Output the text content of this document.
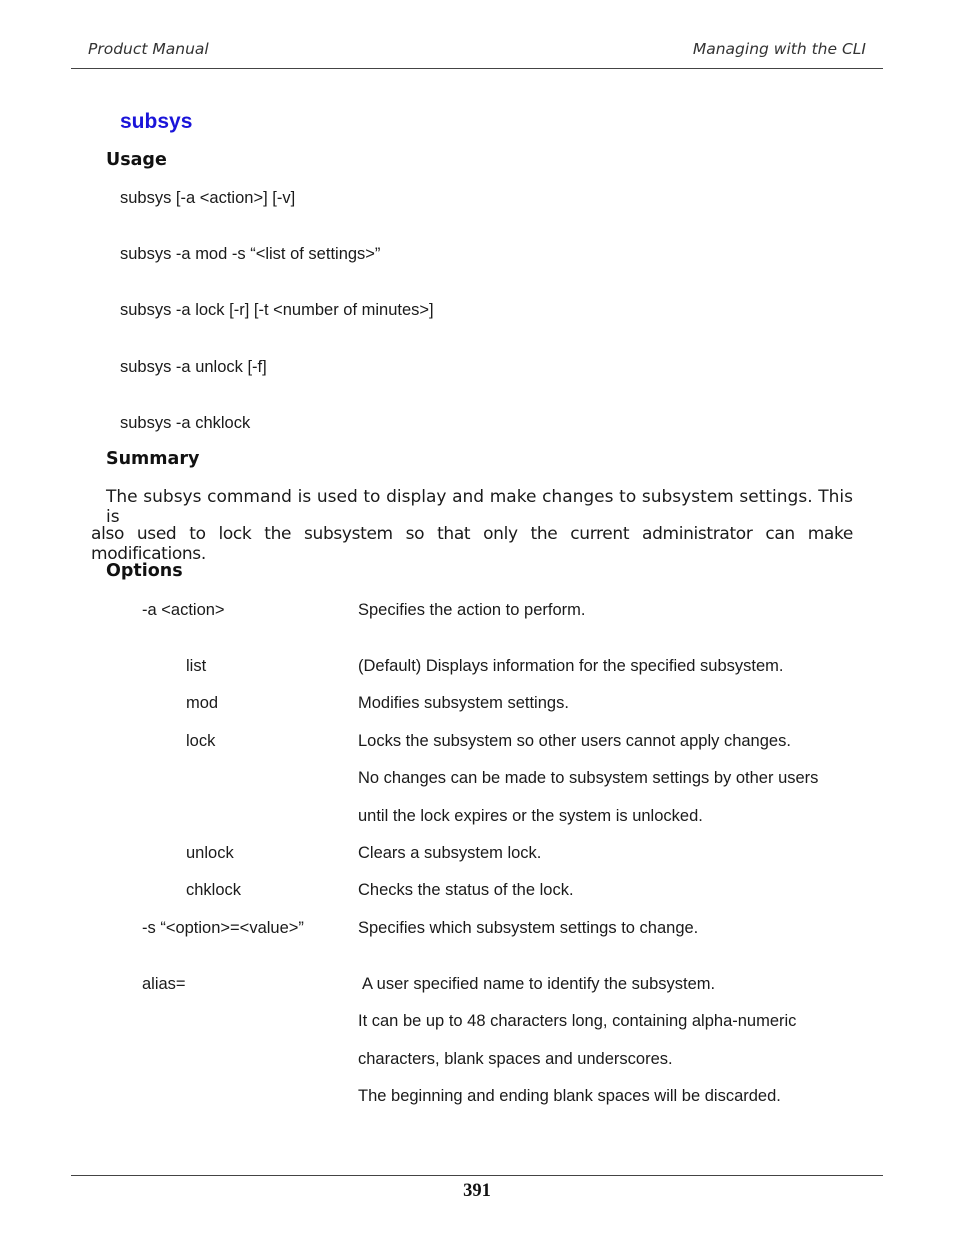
Product Manual	Managing with the CLI
subsys
Usage
subsys [-a <action>] [-v]
subsys -a mod -s “<list of settings>”
subsys -a lock [-r] [-t <number of minutes>]
subsys -a unlock [-f]
subsys -a chklock
Summary
The subsys command is used to display and make changes to subsystem settings. This is
also used to lock the subsystem so that only the current administrator can make modifications.
Options
-a <action>	Specifies the action to perform.
list	(Default) Displays information for the specified subsystem.
mod	Modifies subsystem settings.
lock	Locks the subsystem so other users cannot apply changes.
No changes can be made to subsystem settings by other users
until the lock expires or the system is unlocked.
unlock	Clears a subsystem lock.
chklock	Checks the status of the lock.
-s “<option>=<value>”	Specifies which subsystem settings to change.
alias=	A user specified name to identify the subsystem.
It can be up to 48 characters long, containing alpha-numeric
characters, blank spaces and underscores.
The beginning and ending blank spaces will be discarded.
391
